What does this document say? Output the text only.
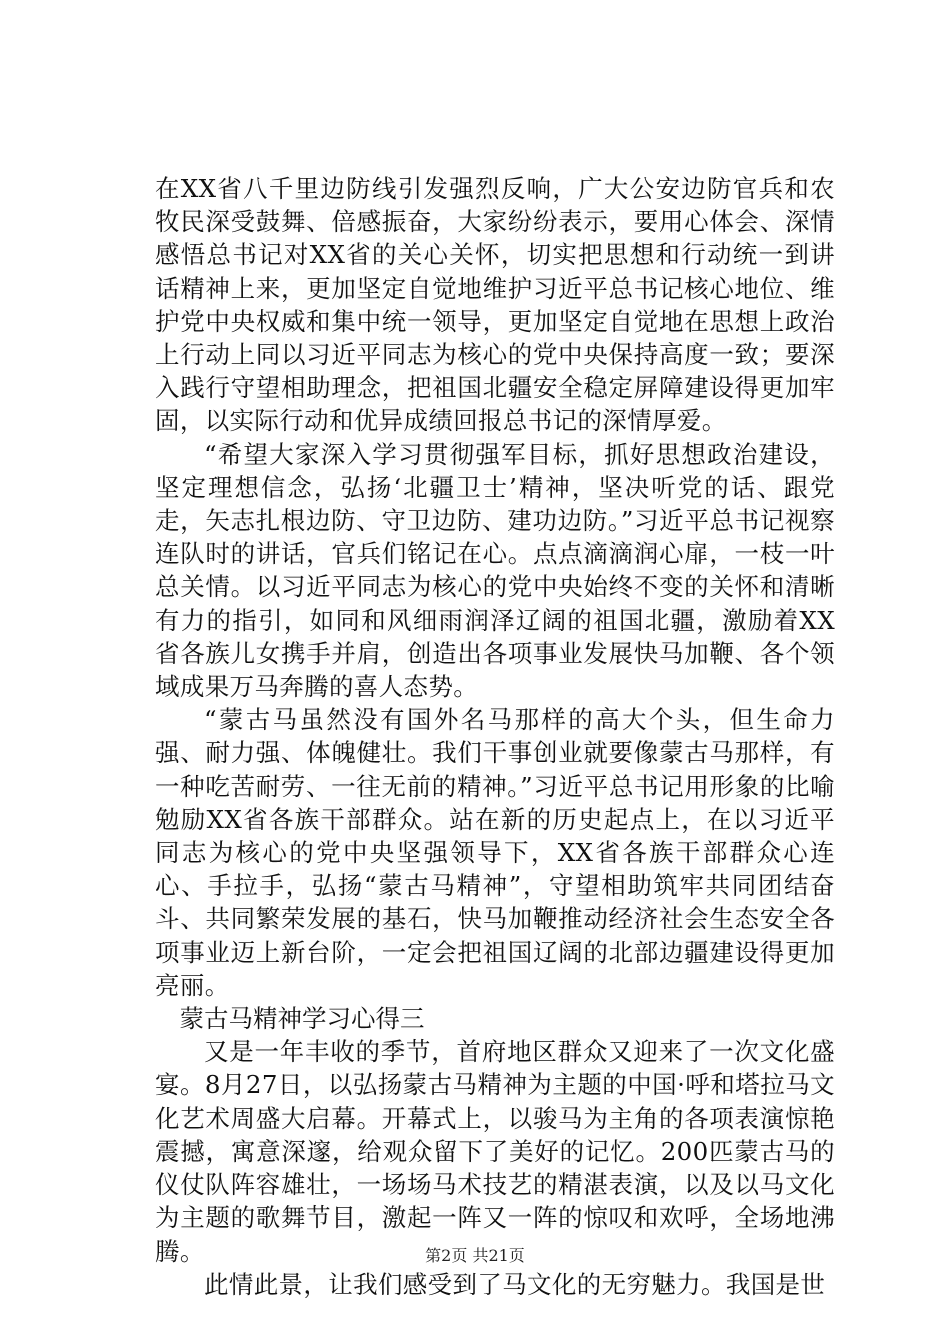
在XX省八千里边防线引发强烈反响，广大公安边防官兵和农牧民深受鼓舞、倍感振奋，大家纷纷表示，要用心体会、深情感悟总书记对XX省的关心关怀，切实把思想和行动统一到讲话精神上来，更加坚定自觉地维护习近平总书记核心地位、维护党中央权威和集中统一领导，更加坚定自觉地在思想上政治上行动上同以习近平同志为核心的党中央保持高度一致；要深入践行守望相助理念，把祖国北疆安全稳定屏障建设得更加牢固，以实际行动和优异成绩回报总书记的深情厚爱。

“希望大家深入学习贯彻强军目标，抓好思想政治建设，坚定理想信念，弘扬‘北疆卫士’精神，坚决听党的话、跟党走，矢志扎根边防、守卫边防、建功边防。”习近平总书记视察连队时的讲话，官兵们铭记在心。点点滴滴润心扉，一枝一叶总关情。以习近平同志为核心的党中央始终不变的关怀和清晰有力的指引，如同和风细雨润泽辽阔的祖国北疆，激励着XX省各族儿女携手并肩，创造出各项事业发展快马加鞭、各个领域成果万马奔腾的喜人态势。

“蒙古马虽然没有国外名马那样的高大个头，但生命力强、耐力强、体魄健壮。我们干事创业就要像蒙古马那样，有一种吃苦耐劳、一往无前的精神。”习近平总书记用形象的比喻勉励XX省各族干部群众。站在新的历史起点上，在以习近平同志为核心的党中央坚强领导下，XX省各族干部群众心连心、手拉手，弘扬“蒙古马精神”，守望相助筑牢共同团结奋斗、共同繁荣发展的基石，快马加鞭推动经济社会生态安全各项事业迈上新台阶，一定会把祖国辽阔的北部边疆建设得更加亮丽。

蒙古马精神学习心得三

又是一年丰收的季节，首府地区群众又迎来了一次文化盛宴。8月27日，以弘扬蒙古马精神为主题的中国·呼和塔拉马文化艺术周盛大启幕。开幕式上，以骏马为主角的各项表演惊艳震撼，寓意深邃，给观众留下了美好的记忆。200匹蒙古马的仪仗队阵容雄壮，一场场马术技艺的精湛表演，以及以马文化为主题的歌舞节目，激起一阵又一阵的惊叹和欢呼，全场地沸腾。

此情此景，让我们感受到了马文化的无穷魅力。我国是世

第2页 共21页
